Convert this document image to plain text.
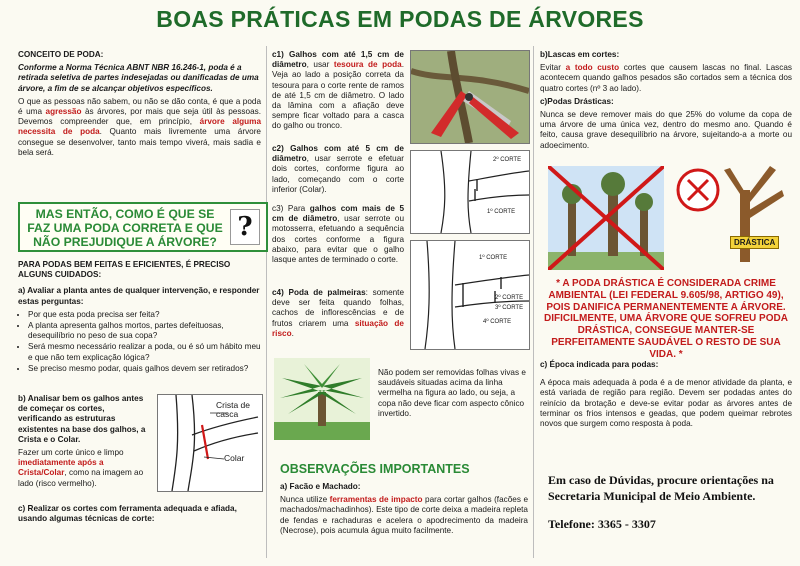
BOAS PRÁTICAS EM PODAS DE ÁRVORES

CONCEITO DE PODA:

Conforme a Norma Técnica ABNT NBR 16.246-1, poda é a retirada seletiva de partes indesejadas ou danificadas de uma árvore, a fim de se alcançar objetivos específicos.

O que as pessoas não sabem, ou não se dão conta, é que a poda é uma agressão às árvores, por mais que seja útil às pessoas. Devemos compreender que, em princípio, árvore alguma necessita de poda. Quanto mais livremente uma árvore consegue se desenvolver, tanto mais tempo viverá, mais sadia e bela será.

MAS ENTÃO, COMO É QUE SE FAZ UMA PODA CORRETA E QUE NÃO PREJUDIQUE A ÁRVORE? ?

PARA PODAS BEM FEITAS E EFICIENTES, É PRECISO ALGUNS CUIDADOS:

a) Avaliar a planta antes de qualquer intervenção, e responder estas perguntas:

• Por que esta poda precisa ser feita?
• A planta apresenta galhos mortos, partes defeituosas, desequilíbrio no peso de sua copa?
• Será mesmo necessário realizar a poda, ou é só um hábito meu e que não tem explicação lógica?
• Se preciso mesmo podar, quais galhos devem ser retirados?

b) Analisar bem os galhos antes de começar os cortes, verificando as estruturas existentes na base dos galhos, a Crista e o Colar.

Fazer um corte único e limpo imediatamente após a Crista/Colar, como na imagem ao lado (risco vermelho).

Crista de casca
Colar

c) Realizar os cortes com ferramenta adequada e afiada, usando algumas técnicas de corte:

c1) Galhos com até 1,5 cm de diâmetro, usar tesoura de poda. Veja ao lado a posição correta da tesoura para o corte rente de ramos de até 1,5 cm de diâmetro. O lado da lâmina com a afiação deve sempre ficar voltado para a casca do galho ou tronco.

c2) Galhos com até 5 cm de diâmetro, usar serrote e efetuar dois cortes, conforme figura ao lado, começando com o corte inferior (Colar).

2º CORTE
1º CORTE

c3) Para galhos com mais de 5 cm de diâmetro, usar serrote ou motosserra, efetuando a sequência dos cortes conforme a figura abaixo, para evitar que o galho lasque antes de terminado o corte.

c4) Poda de palmeiras: somente deve ser feita quando folhas, cachos de inflorescências e de frutos criarem uma situação de risco.

1º CORTE
2º CORTE
3º CORTE
4º CORTE
Não podem ser removidas folhas vivas e saudáveis situadas acima da linha vermelha na figura ao lado, ou seja, a copa não deve ficar com aspecto cônico invertido.
OBSERVAÇÕES IMPORTANTES

a) Facão e Machado:

Nunca utilize ferramentas de impacto para cortar galhos (facões e machados/machadinhos). Este tipo de corte deixa a madeira repleta de fendas e rachaduras e acelera o apodrecimento da madeira (Necrose), pois acumula água muito facilmente.

b)Lascas em cortes:

Evitar a todo custo cortes que causem lascas no final. Lascas acontecem quando galhos pesados são cortados sem a técnica dos quatro cortes (nº 3 ao lado).

c)Podas Drásticas:

Nunca se deve remover mais do que 25% do volume da copa de uma árvore de uma única vez, dentro do mesmo ano. Quando é feito, causa grave desequilíbrio na árvore, sujeitando-a a morte ou adoecimento.

DRÁSTICA
* A PODA DRÁSTICA É CONSIDERADA CRIME AMBIENTAL (LEI FEDERAL 9.605/98, ARTIGO 49), POIS DANIFICA PERMANENTEMENTE A ÁRVORE. DIFICILMENTE, UMA ÁRVORE QUE SOFREU PODA DRÁSTICA, CONSEGUE MANTER-SE PERFEITAMENTE SAUDÁVEL O RESTO DE SUA VIDA. *

c) Época indicada para podas:

A época mais adequada à poda é a de menor atividade da planta, e está variada de região para região. Devem ser podadas antes do reinício da brotação e deve-se evitar podar as árvores antes de terminar os frios intensos e geadas, que podem queimar rebrotes novos que surgem como resposta à poda.

Em caso de Dúvidas, procure orientações na Secretaria Municipal de Meio Ambiente.
Telefone: 3365 - 3307
